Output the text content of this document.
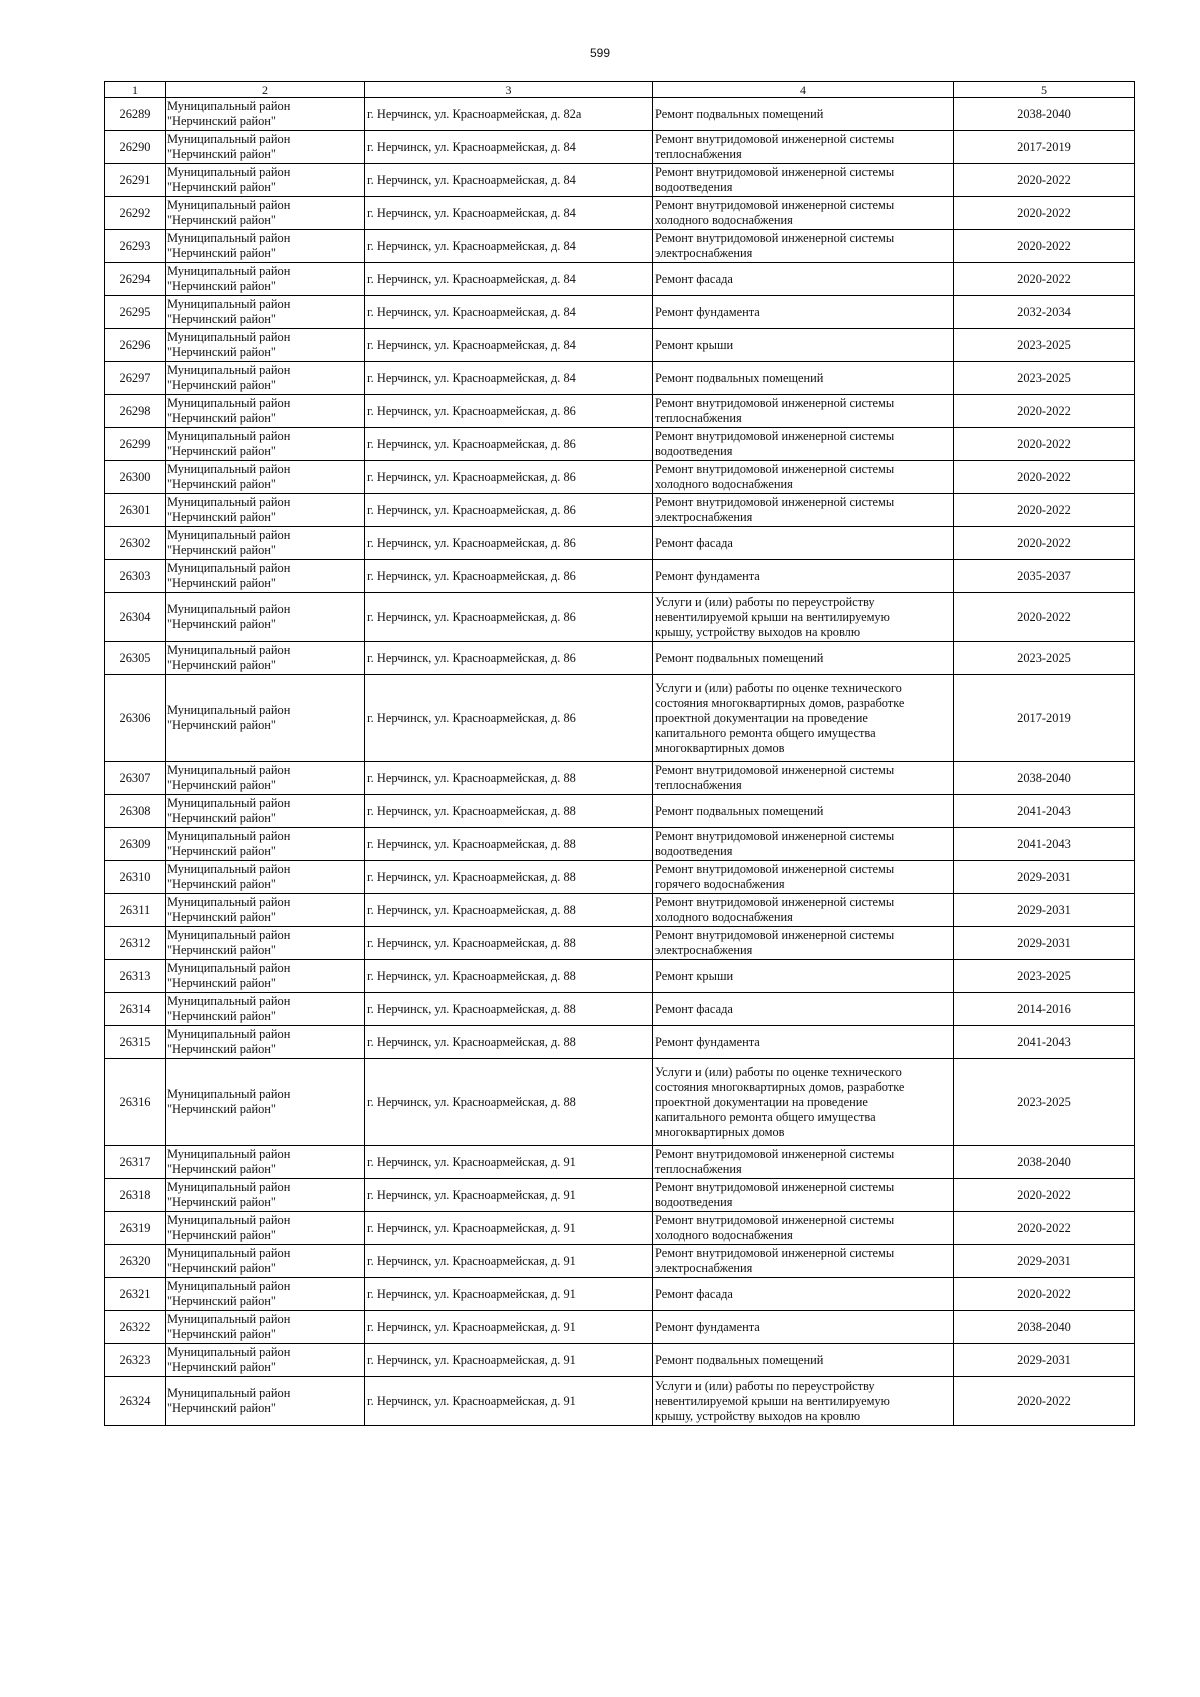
599
1	2	3	4	5
26289	Муниципальный район
"Нерчинский район"	г. Нерчинск, ул. Красноармейская, д. 82а	Ремонт подвальных помещений	2038-2040
26290	Муниципальный район
"Нерчинский район"	г. Нерчинск, ул. Красноармейская, д. 84	Ремонт внутридомовой инженерной системы
теплоснабжения	2017-2019
26291	Муниципальный район
"Нерчинский район"	г. Нерчинск, ул. Красноармейская, д. 84	Ремонт внутридомовой инженерной системы
водоотведения	2020-2022
26292	Муниципальный район
"Нерчинский район"	г. Нерчинск, ул. Красноармейская, д. 84	Ремонт внутридомовой инженерной системы
холодного водоснабжения	2020-2022
26293	Муниципальный район
"Нерчинский район"	г. Нерчинск, ул. Красноармейская, д. 84	Ремонт внутридомовой инженерной системы
электроснабжения	2020-2022
26294	Муниципальный район
"Нерчинский район"	г. Нерчинск, ул. Красноармейская, д. 84	Ремонт фасада	2020-2022
26295	Муниципальный район
"Нерчинский район"	г. Нерчинск, ул. Красноармейская, д. 84	Ремонт фундамента	2032-2034
26296	Муниципальный район
"Нерчинский район"	г. Нерчинск, ул. Красноармейская, д. 84	Ремонт крыши	2023-2025
26297	Муниципальный район
"Нерчинский район"	г. Нерчинск, ул. Красноармейская, д. 84	Ремонт подвальных помещений	2023-2025
26298	Муниципальный район
"Нерчинский район"	г. Нерчинск, ул. Красноармейская, д. 86	Ремонт внутридомовой инженерной системы
теплоснабжения	2020-2022
26299	Муниципальный район
"Нерчинский район"	г. Нерчинск, ул. Красноармейская, д. 86	Ремонт внутридомовой инженерной системы
водоотведения	2020-2022
26300	Муниципальный район
"Нерчинский район"	г. Нерчинск, ул. Красноармейская, д. 86	Ремонт внутридомовой инженерной системы
холодного водоснабжения	2020-2022
26301	Муниципальный район
"Нерчинский район"	г. Нерчинск, ул. Красноармейская, д. 86	Ремонт внутридомовой инженерной системы
электроснабжения	2020-2022
26302	Муниципальный район
"Нерчинский район"	г. Нерчинск, ул. Красноармейская, д. 86	Ремонт фасада	2020-2022
26303	Муниципальный район
"Нерчинский район"	г. Нерчинск, ул. Красноармейская, д. 86	Ремонт фундамента	2035-2037
26304	Муниципальный район
"Нерчинский район"	г. Нерчинск, ул. Красноармейская, д. 86	Услуги и (или) работы по переустройству
невентилируемой крыши на вентилируемую
крышу, устройству выходов на кровлю	2020-2022
26305	Муниципальный район
"Нерчинский район"	г. Нерчинск, ул. Красноармейская, д. 86	Ремонт подвальных помещений	2023-2025
26306	Муниципальный район
"Нерчинский район"	г. Нерчинск, ул. Красноармейская, д. 86	Услуги и (или) работы по оценке технического
состояния многоквартирных домов, разработке
проектной документации на проведение
капитального ремонта общего имущества
многоквартирных домов	2017-2019
26307	Муниципальный район
"Нерчинский район"	г. Нерчинск, ул. Красноармейская, д. 88	Ремонт внутридомовой инженерной системы
теплоснабжения	2038-2040
26308	Муниципальный район
"Нерчинский район"	г. Нерчинск, ул. Красноармейская, д. 88	Ремонт подвальных помещений	2041-2043
26309	Муниципальный район
"Нерчинский район"	г. Нерчинск, ул. Красноармейская, д. 88	Ремонт внутридомовой инженерной системы
водоотведения	2041-2043
26310	Муниципальный район
"Нерчинский район"	г. Нерчинск, ул. Красноармейская, д. 88	Ремонт внутридомовой инженерной системы
горячего водоснабжения	2029-2031
26311	Муниципальный район
"Нерчинский район"	г. Нерчинск, ул. Красноармейская, д. 88	Ремонт внутридомовой инженерной системы
холодного водоснабжения	2029-2031
26312	Муниципальный район
"Нерчинский район"	г. Нерчинск, ул. Красноармейская, д. 88	Ремонт внутридомовой инженерной системы
электроснабжения	2029-2031
26313	Муниципальный район
"Нерчинский район"	г. Нерчинск, ул. Красноармейская, д. 88	Ремонт крыши	2023-2025
26314	Муниципальный район
"Нерчинский район"	г. Нерчинск, ул. Красноармейская, д. 88	Ремонт фасада	2014-2016
26315	Муниципальный район
"Нерчинский район"	г. Нерчинск, ул. Красноармейская, д. 88	Ремонт фундамента	2041-2043
26316	Муниципальный район
"Нерчинский район"	г. Нерчинск, ул. Красноармейская, д. 88	Услуги и (или) работы по оценке технического
состояния многоквартирных домов, разработке
проектной документации на проведение
капитального ремонта общего имущества
многоквартирных домов	2023-2025
26317	Муниципальный район
"Нерчинский район"	г. Нерчинск, ул. Красноармейская, д. 91	Ремонт внутридомовой инженерной системы
теплоснабжения	2038-2040
26318	Муниципальный район
"Нерчинский район"	г. Нерчинск, ул. Красноармейская, д. 91	Ремонт внутридомовой инженерной системы
водоотведения	2020-2022
26319	Муниципальный район
"Нерчинский район"	г. Нерчинск, ул. Красноармейская, д. 91	Ремонт внутридомовой инженерной системы
холодного водоснабжения	2020-2022
26320	Муниципальный район
"Нерчинский район"	г. Нерчинск, ул. Красноармейская, д. 91	Ремонт внутридомовой инженерной системы
электроснабжения	2029-2031
26321	Муниципальный район
"Нерчинский район"	г. Нерчинск, ул. Красноармейская, д. 91	Ремонт фасада	2020-2022
26322	Муниципальный район
"Нерчинский район"	г. Нерчинск, ул. Красноармейская, д. 91	Ремонт фундамента	2038-2040
26323	Муниципальный район
"Нерчинский район"	г. Нерчинск, ул. Красноармейская, д. 91	Ремонт подвальных помещений	2029-2031
26324	Муниципальный район
"Нерчинский район"	г. Нерчинск, ул. Красноармейская, д. 91	Услуги и (или) работы по переустройству
невентилируемой крыши на вентилируемую
крышу, устройству выходов на кровлю	2020-2022
